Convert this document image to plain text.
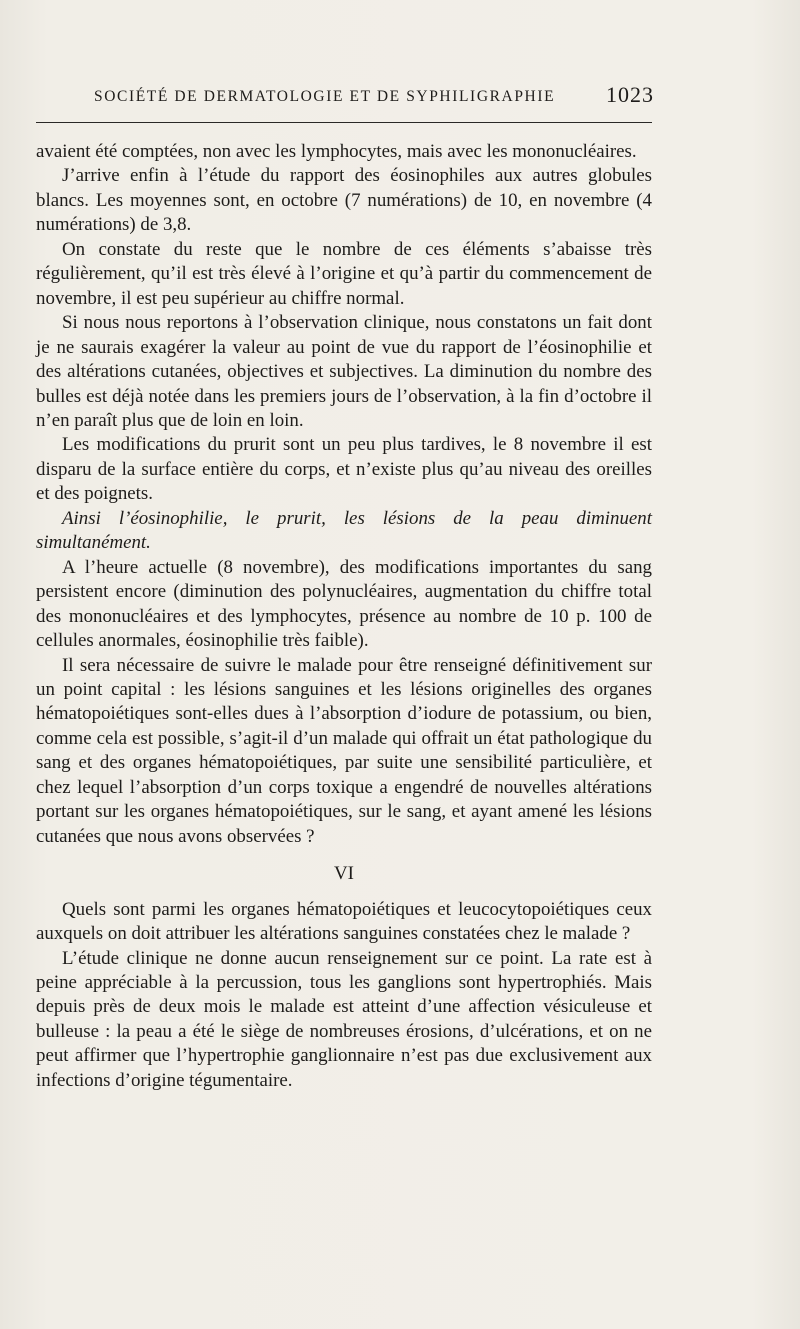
SOCIÉTÉ DE DERMATOLOGIE ET DE SYPHILIGRAPHIE 1023

avaient été comptées, non avec les lymphocytes, mais avec les mononucléaires.

J’arrive enfin à l’étude du rapport des éosinophiles aux autres globules blancs. Les moyennes sont, en octobre (7 numérations) de 10, en novembre (4 numérations) de 3,8.

On constate du reste que le nombre de ces éléments s’abaisse très régulièrement, qu’il est très élevé à l’origine et qu’à partir du commencement de novembre, il est peu supérieur au chiffre normal.

Si nous nous reportons à l’observation clinique, nous constatons un fait dont je ne saurais exagérer la valeur au point de vue du rapport de l’éosinophilie et des altérations cutanées, objectives et subjectives. La diminution du nombre des bulles est déjà notée dans les premiers jours de l’observation, à la fin d’octobre il n’en paraît plus que de loin en loin.

Les modifications du prurit sont un peu plus tardives, le 8 novembre il est disparu de la surface entière du corps, et n’existe plus qu’au niveau des oreilles et des poignets.

Ainsi l’éosinophilie, le prurit, les lésions de la peau diminuent simultanément.

A l’heure actuelle (8 novembre), des modifications importantes du sang persistent encore (diminution des polynucléaires, augmentation du chiffre total des mononucléaires et des lymphocytes, présence au nombre de 10 p. 100 de cellules anormales, éosinophilie très faible).

Il sera nécessaire de suivre le malade pour être renseigné définitivement sur un point capital : les lésions sanguines et les lésions originelles des organes hématopoiétiques sont-elles dues à l’absorption d’iodure de potassium, ou bien, comme cela est possible, s’agit-il d’un malade qui offrait un état pathologique du sang et des organes hématopoiétiques, par suite une sensibilité particulière, et chez lequel l’absorption d’un corps toxique a engendré de nouvelles altérations portant sur les organes hématopoiétiques, sur le sang, et ayant amené les lésions cutanées que nous avons observées ?

VI

Quels sont parmi les organes hématopoiétiques et leucocytopoiétiques ceux auxquels on doit attribuer les altérations sanguines constatées chez le malade ?

L’étude clinique ne donne aucun renseignement sur ce point. La rate est à peine appréciable à la percussion, tous les ganglions sont hypertrophiés. Mais depuis près de deux mois le malade est atteint d’une affection vésiculeuse et bulleuse : la peau a été le siège de nombreuses érosions, d’ulcérations, et on ne peut affirmer que l’hypertrophie ganglionnaire n’est pas due exclusivement aux infections d’origine tégumentaire.
